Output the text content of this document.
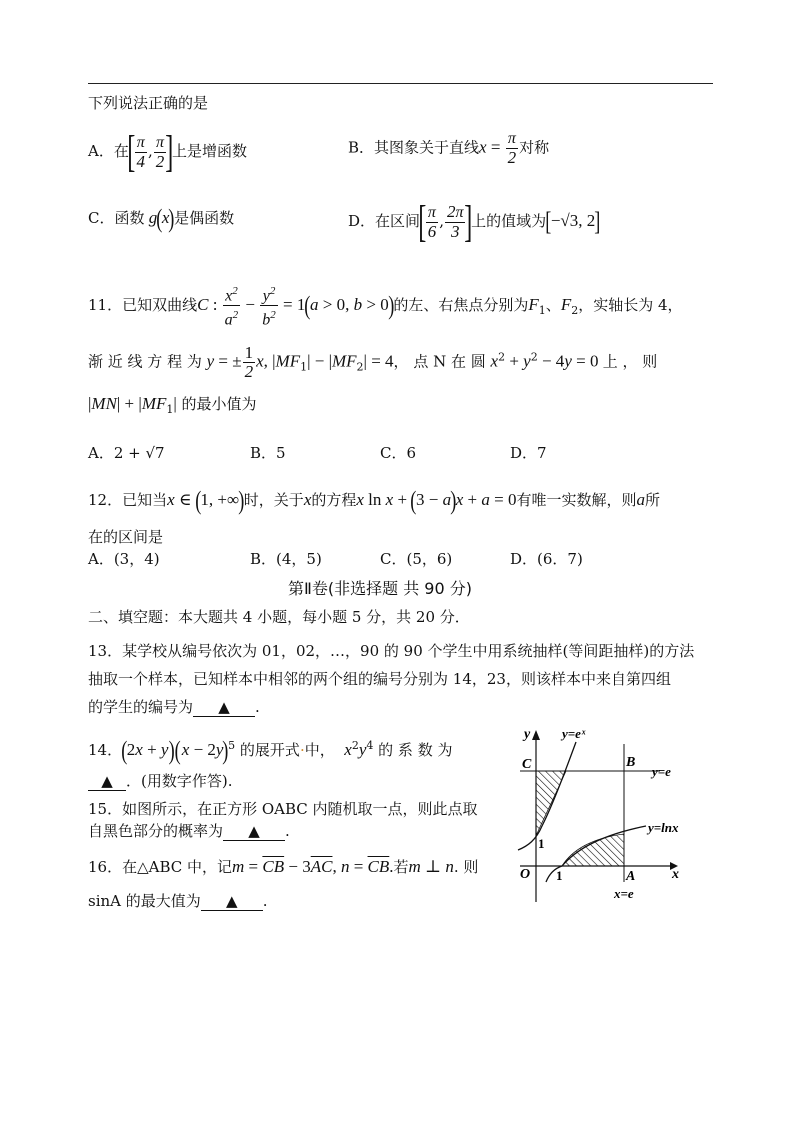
下列说法正确的是
A．在[ $\frac{\pi}{4}$ , $\frac{\pi}{2}$ ]上是增函数	B．其图象关于直线$x = \frac{\pi}{2}$ 对称
C．函数 g(x)是偶函数	D．在区间[ $\frac{\pi}{6}$ , $\frac{2\pi}{3}$ ]上的值域为[−√3, 2]
11．已知双曲线C : $\frac{x^2}{a^2} - \frac{y^2}{b^2} = 1(a > 0$, b > 0)的左、右焦点分别为$F_1$、$F_2$，实轴长为 4，
渐 近 线 方 程 为 y = ± $\frac{1}{2} x$, $|MF_1| - |MF_2| = 4$， 点 N 在 圆 $x^2 + y^2 - 4y = 0$ 上 ， 则
$|MN| + |MF_1|$ 的最小值为
A．2 + √7	B．5	C．6	D．7
12．已知当x ∈ (1, +∞)时，关于x的方程x ln x + (3 − a)x + a = 0有唯一实数解，则a所
在的区间是
A．(3，4)	B．(4，5)	C．(5，6)	D．(6．7)
第Ⅱ卷(非选择题 共 90 分)
二、填空题：本大题共 4 小题，每小题 5 分，共 20 分．
13．某学校从编号依次为 01，02，…，90 的 90 个学生中用系统抽样(等间距抽样)的方法
抽取一个样本，已知样本中相邻的两个组的编号分别为 14，23，则该样本中来自第四组
的学生的编号为 ▲ .
14．$(2x + y)(x - 2y)^5$ 的展开式·中， $x^2y^4$ 的 系 数 为
▲ ．(用数字作答).
15．如图所示，在正方形 OABC 内随机取一点，则此点取
自黑色部分的概率为 ▲ .
16．在△ABC 中，记$m = \overline{CB} - 3\overline{AC}$, $n = \overline{CB}$.若m ⊥ n. 则
sinA 的最大值为 ▲ .
y y=eˣ
C	B
y=e
y=lnx
1
O 1	A	x
x=e
